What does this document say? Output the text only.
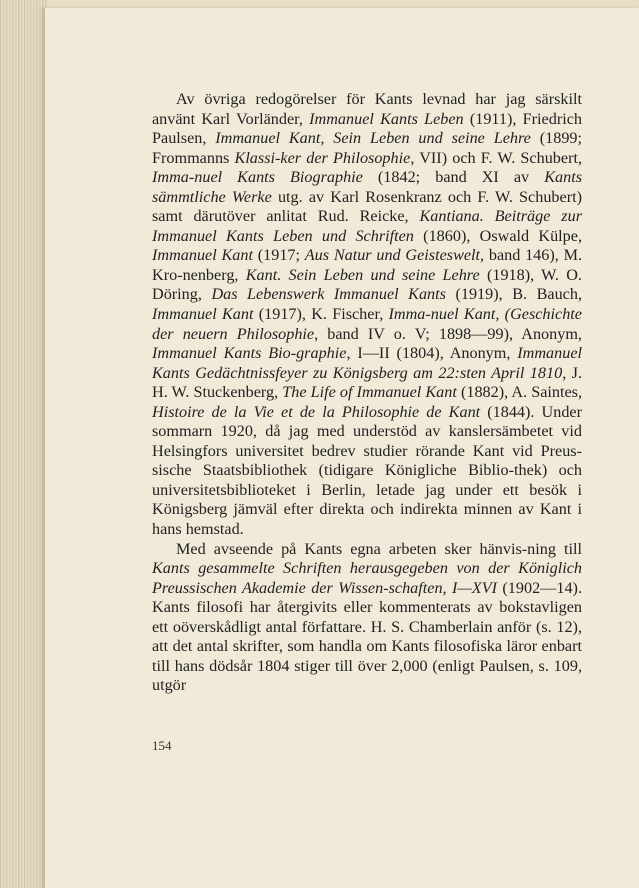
Av övriga redogörelser för Kants levnad har jag särskilt använt Karl Vorländer, Immanuel Kants Leben (1911), Friedrich Paulsen, Immanuel Kant, Sein Leben und seine Lehre (1899; Frommanns Klassi-ker der Philosophie, VII) och F. W. Schubert, Imma-nuel Kants Biographie (1842; band XI av Kants sämmtliche Werke utg. av Karl Rosenkranz och F. W. Schubert) samt därutöver anlitat Rud. Reicke, Kantiana. Beiträge zur Immanuel Kants Leben und Schriften (1860), Oswald Külpe, Immanuel Kant (1917; Aus Natur und Geisteswelt, band 146), M. Kro-nenberg, Kant. Sein Leben und seine Lehre (1918), W. O. Döring, Das Lebenswerk Immanuel Kants (1919), B. Bauch, Immanuel Kant (1917), K. Fischer, Imma-nuel Kant, (Geschichte der neuern Philosophie, band IV o. V; 1898—99), Anonym, Immanuel Kants Bio-graphie, I—II (1804), Anonym, Immanuel Kants Gedächtnissfeyer zu Königsberg am 22:sten April 1810, J. H. W. Stuckenberg, The Life of Immanuel Kant (1882), A. Saintes, Histoire de la Vie et de la Philosophie de Kant (1844). Under sommarn 1920, då jag med understöd av kanslersämbetet vid Helsingfors universitet bedrev studier rörande Kant vid Preus-sische Staatsbibliothek (tidigare Königliche Biblio-thek) och universitetsbiblioteket i Berlin, letade jag under ett besök i Königsberg jämväl efter direkta och indirekta minnen av Kant i hans hemstad.

Med avseende på Kants egna arbeten sker hänvis-ning till Kants gesammelte Schriften herausgegeben von der Königlich Preussischen Akademie der Wissen-schaften, I—XVI (1902—14). Kants filosofi har återgivits eller kommenterats av bokstavligen ett oöverskådligt antal författare. H. S. Chamberlain anför (s. 12), att det antal skrifter, som handla om Kants filosofiska läror enbart till hans dödsår 1804 stiger till över 2,000 (enligt Paulsen, s. 109, utgör

154
